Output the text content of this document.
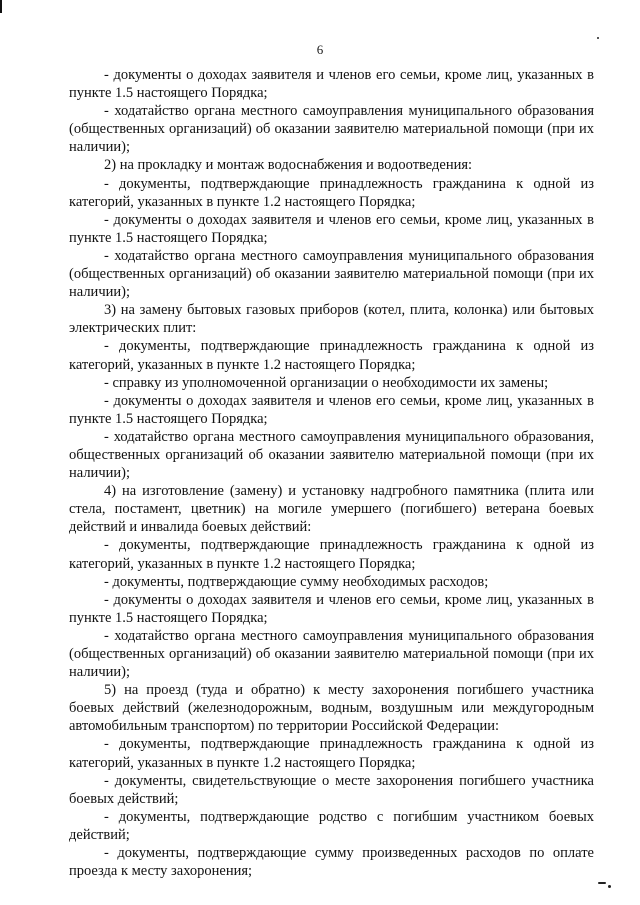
6

- документы о доходах заявителя и членов его семьи, кроме лиц, указанных в пункте 1.5 настоящего Порядка;

- ходатайство органа местного самоуправления муниципального образования (общественных организаций) об оказании заявителю материальной помощи (при их наличии);

2) на прокладку и монтаж водоснабжения и водоотведения:

- документы, подтверждающие принадлежность гражданина к одной из категорий, указанных в пункте 1.2 настоящего Порядка;

- документы о доходах заявителя и членов его семьи, кроме лиц, указанных в пункте 1.5 настоящего Порядка;

- ходатайство органа местного самоуправления муниципального образования (общественных организаций) об оказании заявителю материальной помощи (при их наличии);

3) на замену бытовых газовых приборов (котел, плита, колонка) или бытовых электрических плит:

- документы, подтверждающие принадлежность гражданина к одной из категорий, указанных в пункте 1.2 настоящего Порядка;

- справку из уполномоченной организации о необходимости их замены;

- документы о доходах заявителя и членов его семьи, кроме лиц, указанных в пункте 1.5 настоящего Порядка;

- ходатайство органа местного самоуправления муниципального образования, общественных организаций об оказании заявителю материальной помощи (при их наличии);

4) на изготовление (замену) и установку надгробного памятника (плита или стела, постамент, цветник) на могиле умершего (погибшего) ветерана боевых действий и инвалида боевых действий:

- документы, подтверждающие принадлежность гражданина к одной из категорий, указанных в пункте 1.2 настоящего Порядка;

- документы, подтверждающие сумму необходимых расходов;

- документы о доходах заявителя и членов его семьи, кроме лиц, указанных в пункте 1.5 настоящего Порядка;

- ходатайство органа местного самоуправления муниципального образования (общественных организаций) об оказании заявителю материальной помощи (при их наличии);

5) на проезд (туда и обратно) к месту захоронения погибшего участника боевых действий (железнодорожным, водным, воздушным или междугородным автомобильным транспортом) по территории Российской Федерации:

- документы, подтверждающие принадлежность гражданина к одной из категорий, указанных в пункте 1.2 настоящего Порядка;

- документы, свидетельствующие о месте захоронения погибшего участника боевых действий;

- документы, подтверждающие родство с погибшим участником боевых действий;

- документы, подтверждающие сумму произведенных расходов по оплате проезда к месту захоронения;
